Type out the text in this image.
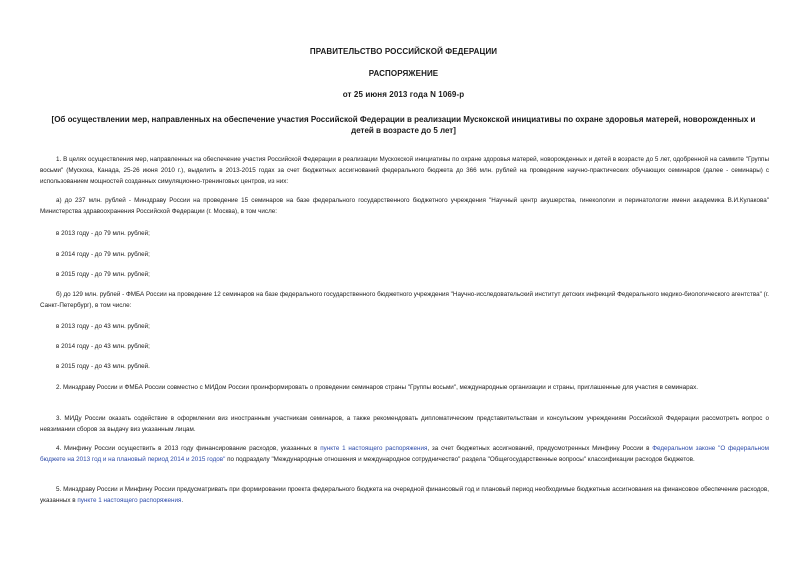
ПРАВИТЕЛЬСТВО РОССИЙСКОЙ ФЕДЕРАЦИИ
РАСПОРЯЖЕНИЕ
от 25 июня 2013 года N 1069-р
[Об осуществлении мер, направленных на обеспечение участия Российской Федерации в реализации Мускокской инициативы по охране здоровья матерей, новорожденных и детей в возрасте до 5 лет]

1. В целях осуществления мер, направленных на обеспечение участия Российской Федерации в реализации Мускокской инициативы по охране здоровья матерей, новорожденных и детей в возрасте до 5 лет, одобренной на саммите "Группы восьми" (Мускока, Канада, 25-26 июня 2010 г.), выделить в 2013-2015 годах за счет бюджетных ассигнований федерального бюджета до 366 млн. рублей на проведение научно-практических обучающих семинаров (далее - семинары) с использованием мощностей созданных симуляционно-тренинговых центров, из них:

а) до 237 млн. рублей - Минздраву России на проведение 15 семинаров на базе федерального государственного бюджетного учреждения "Научный центр акушерства, гинекологии и перинатологии имени академика В.И.Кулакова" Министерства здравоохранения Российской Федерации (г. Москва), в том числе:

в 2013 году - до 79 млн. рублей;

в 2014 году - до 79 млн. рублей;

в 2015 году - до 79 млн. рублей;

б) до 129 млн. рублей - ФМБА России на проведение 12 семинаров на базе федерального государственного бюджетного учреждения "Научно-исследовательский институт детских инфекций Федерального медико-биологического агентства" (г. Санкт-Петербург), в том числе:

в 2013 году - до 43 млн. рублей;

в 2014 году - до 43 млн. рублей;

в 2015 году - до 43 млн. рублей.

2. Минздраву России и ФМБА России совместно с МИДом России проинформировать о проведении семинаров страны "Группы восьми", международные организации и страны, приглашенные для участия в семинарах.

3. МИДу России оказать содействие в оформлении виз иностранным участникам семинаров, а также рекомендовать дипломатическим представительствам и консульским учреждениям Российской Федерации рассмотреть вопрос о невзимании сборов за выдачу виз указанным лицам.

4. Минфину России осуществить в 2013 году финансирование расходов, указанных в пункте 1 настоящего распоряжения, за счет бюджетных ассигнований, предусмотренных Минфину России в Федеральном законе "О федеральном бюджете на 2013 год и на плановый период 2014 и 2015 годов" по подразделу "Международные отношения и международное сотрудничество" раздела "Общегосударственные вопросы" классификации расходов бюджетов.

5. Минздраву России и Минфину России предусматривать при формировании проекта федерального бюджета на очередной финансовый год и плановый период необходимые бюджетные ассигнования на финансовое обеспечение расходов, указанных в пункте 1 настоящего распоряжения.
